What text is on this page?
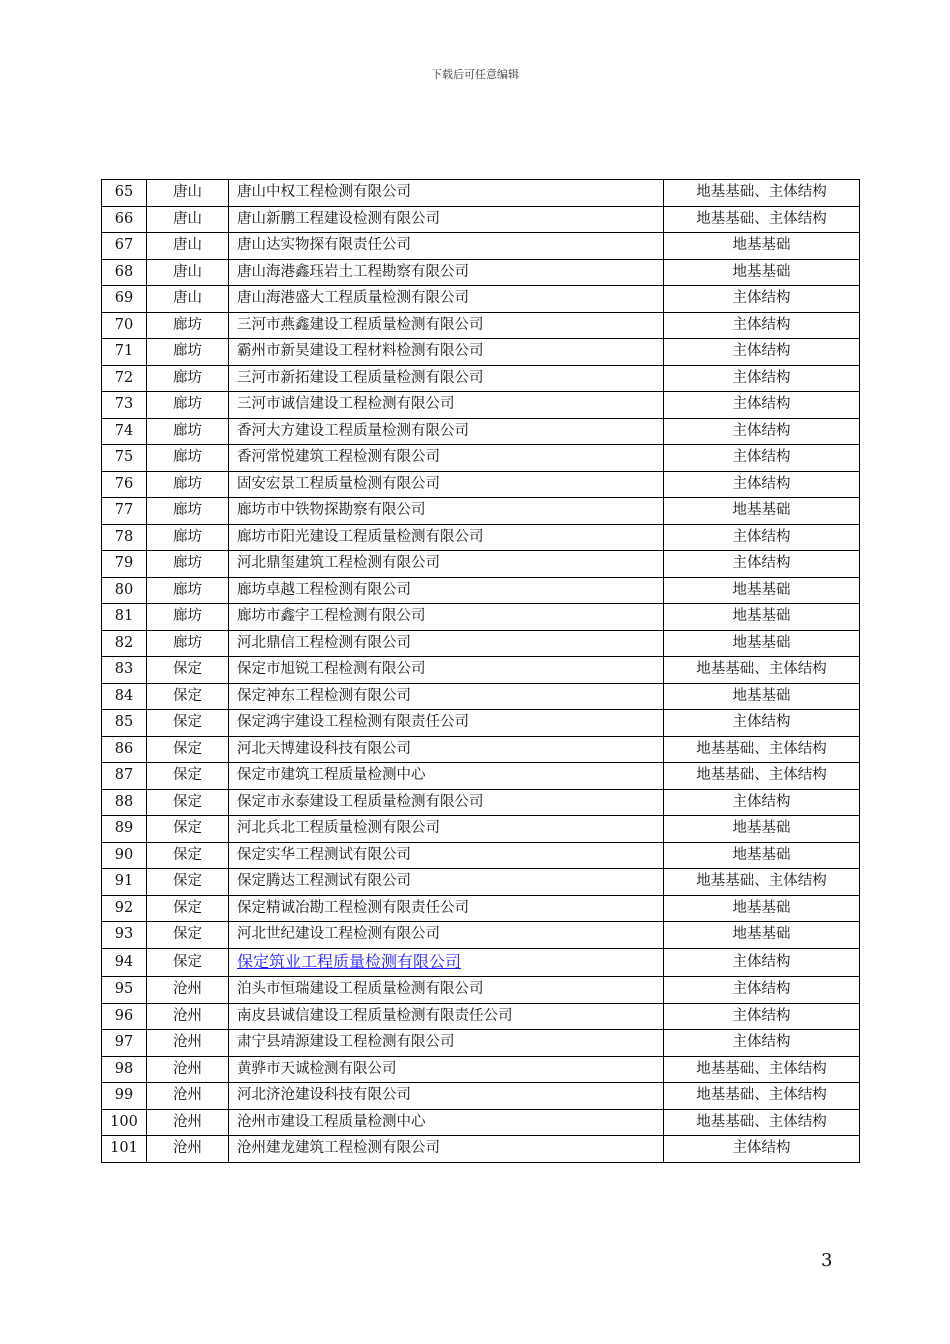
下载后可任意编辑
65	唐山	唐山中权工程检测有限公司	地基基础、主体结构
66	唐山	唐山新鹏工程建设检测有限公司	地基基础、主体结构
67	唐山	唐山达实物探有限责任公司	地基基础
68	唐山	唐山海港鑫珏岩土工程勘察有限公司	地基基础
69	唐山	唐山海港盛大工程质量检测有限公司	主体结构
70	廊坊	三河市燕鑫建设工程质量检测有限公司	主体结构
71	廊坊	霸州市新昊建设工程材料检测有限公司	主体结构
72	廊坊	三河市新拓建设工程质量检测有限公司	主体结构
73	廊坊	三河市诚信建设工程检测有限公司	主体结构
74	廊坊	香河大方建设工程质量检测有限公司	主体结构
75	廊坊	香河常悦建筑工程检测有限公司	主体结构
76	廊坊	固安宏景工程质量检测有限公司	主体结构
77	廊坊	廊坊市中铁物探勘察有限公司	地基基础
78	廊坊	廊坊市阳光建设工程质量检测有限公司	主体结构
79	廊坊	河北鼎玺建筑工程检测有限公司	主体结构
80	廊坊	廊坊卓越工程检测有限公司	地基基础
81	廊坊	廊坊市鑫宇工程检测有限公司	地基基础
82	廊坊	河北鼎信工程检测有限公司	地基基础
83	保定	保定市旭锐工程检测有限公司	地基基础、主体结构
84	保定	保定神东工程检测有限公司	地基基础
85	保定	保定鸿宇建设工程检测有限责任公司	主体结构
86	保定	河北天博建设科技有限公司	地基基础、主体结构
87	保定	保定市建筑工程质量检测中心	地基基础、主体结构
88	保定	保定市永泰建设工程质量检测有限公司	主体结构
89	保定	河北兵北工程质量检测有限公司	地基基础
90	保定	保定实华工程测试有限公司	地基基础
91	保定	保定腾达工程测试有限公司	地基基础、主体结构
92	保定	保定精诚冶勘工程检测有限责任公司	地基基础
93	保定	河北世纪建设工程检测有限公司	地基基础
94	保定	保定筑业工程质量检测有限公司	主体结构
95	沧州	泊头市恒瑞建设工程质量检测有限公司	主体结构
96	沧州	南皮县诚信建设工程质量检测有限责任公司	主体结构
97	沧州	肃宁县靖源建设工程检测有限公司	主体结构
98	沧州	黄骅市天诚检测有限公司	地基基础、主体结构
99	沧州	河北济沧建设科技有限公司	地基基础、主体结构
100	沧州	沧州市建设工程质量检测中心	地基基础、主体结构
101	沧州	沧州建龙建筑工程检测有限公司	主体结构
3
